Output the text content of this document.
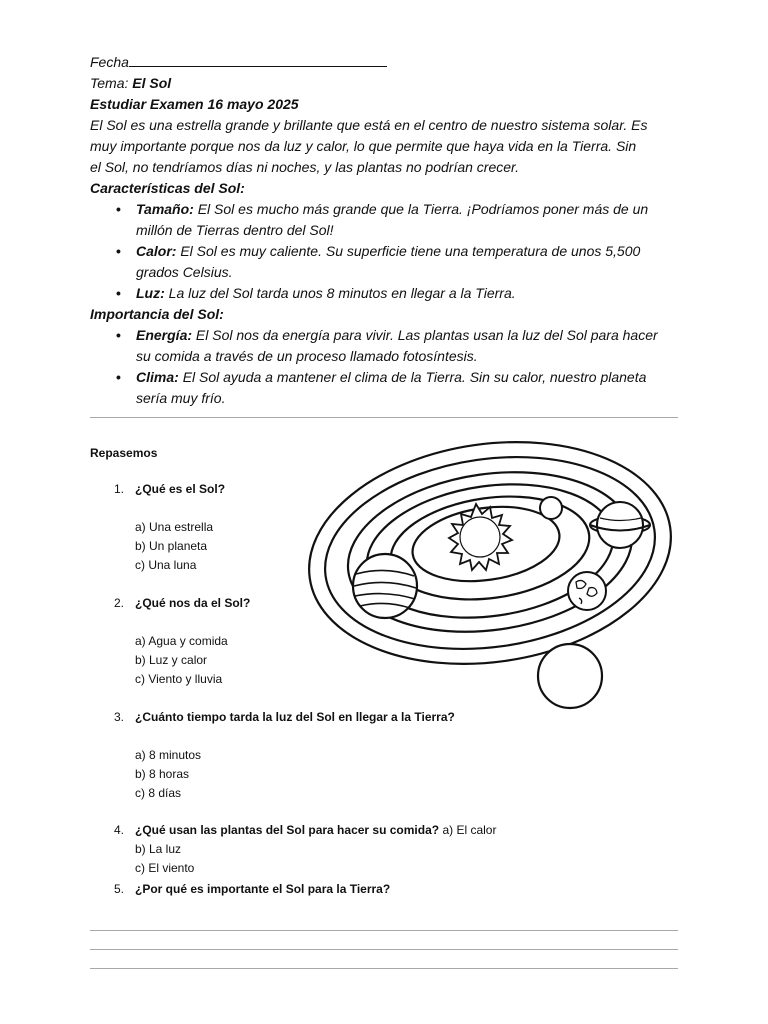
Fecha

Tema: El Sol

Estudiar Examen 16 mayo 2025

El Sol es una estrella grande y brillante que está en el centro de nuestro sistema solar. Es

muy importante porque nos da luz y calor, lo que permite que haya vida en la Tierra. Sin

el Sol, no tendríamos días ni noches, y las plantas no podrían crecer.

Características del Sol:

• Tamaño: El Sol es mucho más grande que la Tierra. ¡Podríamos poner más de un
millón de Tierras dentro del Sol!
• Calor: El Sol es muy caliente. Su superficie tiene una temperatura de unos 5,500
grados Celsius.
• Luz: La luz del Sol tarda unos 8 minutos en llegar a la Tierra.

Importancia del Sol:

• Energía: El Sol nos da energía para vivir. Las plantas usan la luz del Sol para hacer
su comida a través de un proceso llamado fotosíntesis.
• Clima: El Sol ayuda a mantener el clima de la Tierra. Sin su calor, nuestro planeta
sería muy frío.
Repasemos
1. ¿Qué es el Sol?
a) Una estrella
b) Un planeta
c) Una luna
2. ¿Qué nos da el Sol?
a) Agua y comida
b) Luz y calor
c) Viento y lluvia
3. ¿Cuánto tiempo tarda la luz del Sol en llegar a la Tierra?
a) 8 minutos
b) 8 horas
c) 8 días
4. ¿Qué usan las plantas del Sol para hacer su comida? a) El calor
b) La luz
c) El viento
5. ¿Por qué es importante el Sol para la Tierra?
